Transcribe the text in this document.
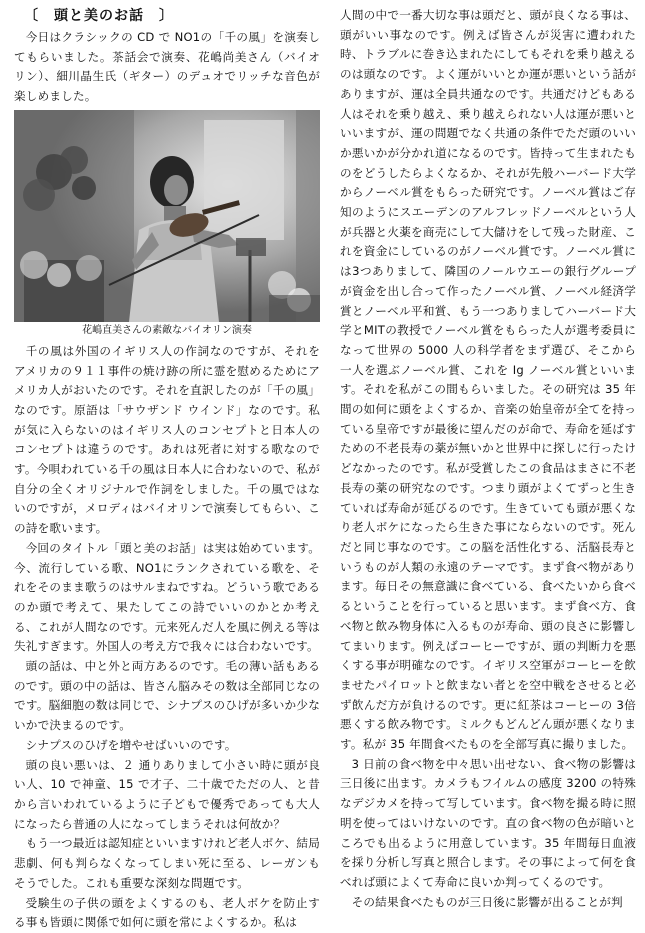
〔　頭と美のお話　〕

今日はクラシックの CD で NO1の「千の風」を演奏してもらいました。茶話会で演奏、花嶋尚美さん（バイオリン）、細川晶生氏（ギター）のデュオでリッチな音色が楽しめました。

花嶋直美さんの素敵なバイオリン演奏

千の風は外国のイギリス人の作詞なのですが、それをアメリカの９１１事件の焼け跡の所に霊を慰めるためにアメリカ人がおいたのです。それを直訳したのが「千の風」なのです。原語は「サウザンド ウインド」なのです。私が気に入らないのはイギリス人のコンセプトと日本人のコンセプトは違うのです。あれは死者に対する歌なのです。今唄われている千の風は日本人に合わないので、私が自分の全くオリジナルで作詞をしました。千の風ではないのですが，メロディはバイオリンで演奏してもらい、この詩を歌います。

今回のタイトル「頭と美のお話」は実は始めています。今、流行している歌、NO1にランクされている歌を、それをそのまま歌うのはサルまねですね。どういう歌であるのか頭で考えて、果たしてこの詩でいいのかとか考える、これが人間なのです。元来死んだ人を風に例える等は失礼すぎます。外国人の考え方で我々には合わないです。

頭の話は、中と外と両方あるのです。毛の薄い話もあるのです。頭の中の話は、皆さん脳みその数は全部同じなのです。脳細胞の数は同じで、シナプスのひげが多いか少ないかで決まるのです。

シナプスのひげを増やせばいいのです。

頭の良い悪いは、２ 通りありまして小さい時に頭が良い人、10 で神童、15 で才子、二十歳でただの人、と昔から言いわれているように子どもで優秀であっても大人になったら普通の人になってしまうそれは何故か？

もう一つ最近は認知症といいますけれど老人ボケ、結局悲劇、何も判らなくなってしまい死に至る、レーガンもそうでした。これも重要な深刻な問題です。

受験生の子供の頭をよくするのも、老人ボケを防止する事も皆頭に関係で如何に頭を常によくするか。私は

人間の中で一番大切な事は頭だと、頭が良くなる事は、頭がいい事なのです。例えば皆さんが災害に遭われた時、トラブルに巻き込まれたにしてもそれを乗り越えるのは頭なのです。よく運がいいとか運が悪いという話がありますが、運は全員共通なのです。共通だけどもある人はそれを乗り越え、乗り越えられない人は運が悪いといいますが、運の問題でなく共通の条件でただ頭のいいか悪いかが分かれ道になるのです。皆持って生まれたものをどうしたらよくなるか、それが先般ハーバード大学からノーベル賞をもらった研究です。ノーベル賞はご存知のようにスエーデンのアルフレッドノーベルという人が兵器と火薬を商売にして大儲けをして残った財産、これを資金にしているのがノーベル賞です。ノーベル賞には3つありまして、隣国のノールウエーの銀行グループが資金を出し合って作ったノーベル賞、ノーベル経済学賞とノーベル平和賞、もう一つありましてハーバード大学とMITの教授でノーベル賞をもらった人が選考委員になって世界の 5000 人の科学者をまず選び、そこから一人を選ぶノーベル賞、これを Ig ノーベル賞といいます。それを私がこの間もらいました。その研究は 35 年間の如何に頭をよくするか、音楽の始皇帝が全てを持っている皇帝ですが最後に望んだのが命で、寿命を延ばすための不老長寿の薬が無いかと世界中に探しに行ったけどなかったのです。私が受賞したこの食品はまさに不老長寿の薬の研究なのです。つまり頭がよくてずっと生きていれば寿命が延びるのです。生きていても頭が悪くなり老人ボケになったら生きた事にならないのです。死んだと同じ事なのです。この脳を活性化する、活脳長寿というものが人類の永遠のテーマです。まず食べ物があります。毎日その無意識に食べている、食べたいから食べるということを行っていると思います。まず食べ方、食べ物と飲み物身体に入るものが寿命、頭の良さに影響してまいります。例えばコーヒーですが、頭の判断力を悪くする事が明確なのです。イギリス空軍がコーヒーを飲ませたパイロットと飲まない者とを空中戦をさせると必ず飲んだ方が負けるのです。更に紅茶はコーヒーの 3倍悪くする飲み物です。ミルクもどんどん頭が悪くなります。私が 35 年間食べたものを全部写真に撮りました。

3 日前の食べ物を中々思い出せない、食べ物の影響は三日後に出ます。カメラもフイルムの感度 3200 の特殊なデジカメを持って写しています。食べ物を撮る時に照明を使ってはいけないのです。直の食べ物の色が暗いところでも出るように用意しています。35 年間毎日血液を採り分析し写真と照合します。その事によって何を食べれば頭によくて寿命に良いか判ってくるのです。

その結果食べたものが三日後に影響が出ることが判
